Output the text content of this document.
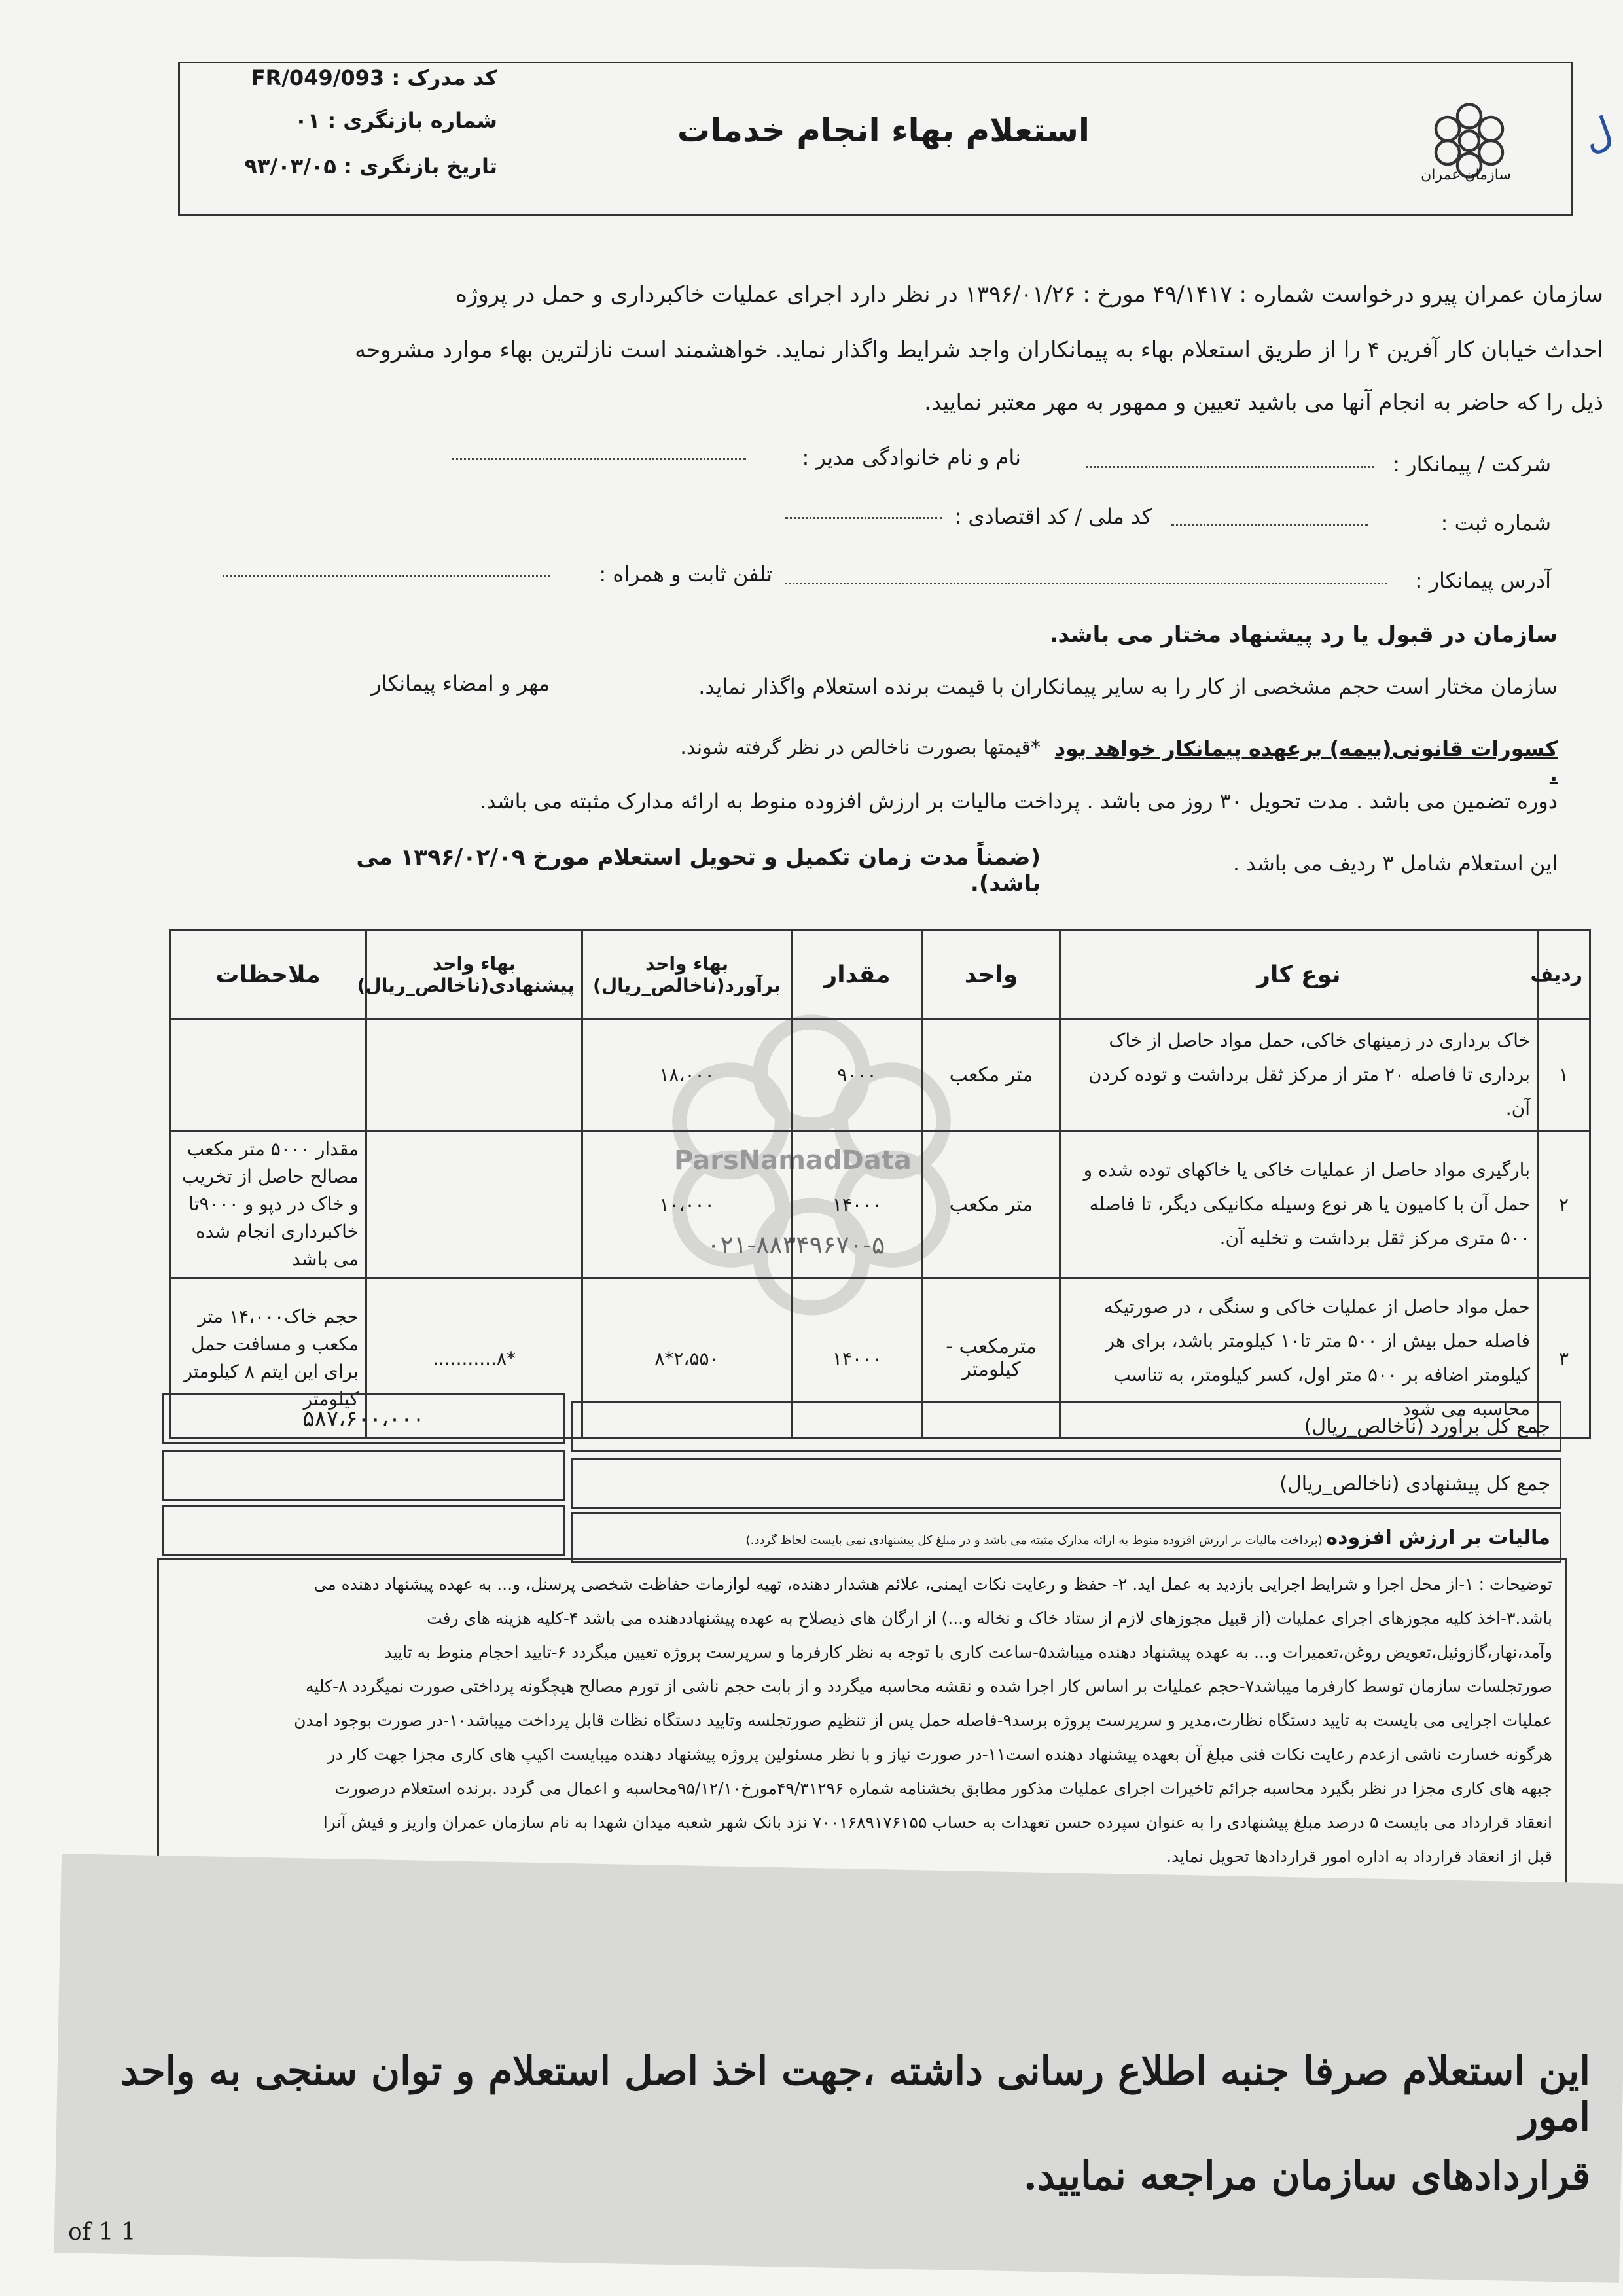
استعلام بهاء انجام خدمات
کد مدرک : FR/049/093
شماره بازنگری : ۰۱
تاریخ بازنگری : ۹۳/۰۳/۰۵	سازمان عمران
ل
سازمان عمران پیرو درخواست شماره : ۴۹/۱۴۱۷ مورخ : ۱۳۹۶/۰۱/۲۶ در نظر دارد اجرای عملیات خاکبرداری و حمل در پروژه
احداث خیابان کار آفرین ۴ را از طریق استعلام بهاء به پیمانکاران واجد شرایط واگذار نماید. خواهشمند است نازلترین بهاء موارد مشروحه
ذیل را که حاضر به انجام آنها می باشید تعیین و ممهور به مهر معتبر نمایید.
شرکت / پیمانکار :
نام و نام خانوادگی مدیر :
شماره ثبت :
کد ملی / کد اقتصادی :
آدرس پیمانکار :
تلفن ثابت و همراه :
سازمان در قبول یا رد پیشنهاد مختار می باشد.
سازمان مختار است حجم مشخصی از کار را به سایر پیمانکاران با قیمت برنده استعلام واگذار نماید.
مهر و امضاء پیمانکار
کسورات قانونی(بیمه) برعهده پیمانکار خواهد بود .
*قیمتها بصورت ناخالص در نظر گرفته شوند.
دوره تضمین می باشد . مدت تحویل ۳۰ روز می باشد . پرداخت مالیات بر ارزش افزوده منوط به ارائه مدارک مثبته می باشد.
این استعلام شامل ۳ ردیف می باشد .
(ضمناً مدت زمان تکمیل و تحویل استعلام مورخ ۱۳۹۶/۰۲/۰۹ می باشد).
ParsNamadData
۰۲۱-۸۸۳۴۹۶۷۰-۵
ملاحظات	بهاء واحد پیشنهادی(ناخالص_ریال)	بهاء واحد برآورد(ناخالص_ریال)	مقدار	واحد	نوع کار	ردیف
		۱۸،۰۰۰	۹۰۰۰	متر مکعب	خاک برداری در زمینهای خاکی، حمل مواد حاصل از خاک برداری تا فاصله ۲۰ متر از مرکز ثقل برداشت و توده کردن آن.	۱
مقدار ۵۰۰۰ متر مکعب مصالح حاصل از تخریب و خاک در دپو و ۹۰۰۰تا خاکبرداری انجام شده می باشد		۱۰،۰۰۰	۱۴۰۰۰	متر مکعب	بارگیری مواد حاصل از عملیات خاکی یا خاکهای توده شده و حمل آن با کامیون یا هر نوع وسیله مکانیکی دیگر، تا فاصله ۵۰۰ متری مرکز ثقل برداشت و تخلیه آن.	۲
حجم خاک۱۴،۰۰۰ متر مکعب و مسافت حمل برای این ایتم ۸ کیلومتر کیلومتر	*۸...........	۲،۵۵۰*۸	۱۴۰۰۰	مترمکعب - کیلومتر	حمل مواد حاصل از عملیات خاکی و سنگی ، در صورتیکه فاصله حمل بیش از ۵۰۰ متر تا۱۰ کیلومتر باشد، برای هر کیلومتر اضافه بر ۵۰۰ متر اول، کسر کیلومتر، به تناسب محاسبه می شود	۳
۵۸۷،۶۰۰،۰۰۰	جمع کل برآورد (ناخالص_ریال)
جمع کل پیشنهادی (ناخالص_ریال)
مالیات بر ارزش افزوده (پرداخت مالیات بر ارزش افزوده منوط به ارائه مدارک مثبته می باشد و در مبلغ کل پیشنهادی نمی بایست لحاظ گردد.)
توضیحات : ۱-از محل اجرا و شرایط اجرایی بازدید به عمل اید. ۲- حفظ و رعایت نکات ایمنی، علائم هشدار دهنده، تهیه لوازمات حفاظت شخصی پرسنل، و... به عهده پیشنهاد دهنده می
باشد.۳-اخذ کلیه مجوزهای اجرای عملیات (از قبیل مجوزهای لازم از ستاد خاک و نخاله و...) از ارگان های ذیصلاح به عهده پیشنهاددهنده می باشد ۴-کلیه هزینه های رفت
وآمد،نهار،گازوئیل،تعویض روغن،تعمیرات و... به عهده پیشنهاد دهنده میباشد۵-ساعت کاری با توجه به نظر کارفرما و سرپرست پروژه تعیین میگردد ۶-تایید احجام منوط به تایید
صورتجلسات سازمان توسط کارفرما میباشد۷-حجم عملیات بر اساس کار اجرا شده و نقشه محاسبه میگردد و از بابت حجم ناشی از تورم مصالح هیچگونه پرداختی صورت نمیگردد ۸-کلیه
عملیات اجرایی می بایست به تایید دستگاه نظارت،مدیر و سرپرست پروژه برسد۹-فاصله حمل پس از تنظیم صورتجلسه وتایید دستگاه نظات قابل پرداخت میباشد۱۰-در صورت بوجود امدن
هرگونه خسارت ناشی ازعدم رعایت نکات فنی مبلغ آن بعهده پیشنهاد دهنده است۱۱-در صورت نیاز و با نظر مسئولین پروژه پیشنهاد دهنده میبایست اکیپ های کاری مجزا جهت کار در
جبهه های کاری مجزا در نظر بگیرد محاسبه جرائم تاخیرات اجرای عملیات مذکور مطابق بخشنامه شماره ۴۹/۳۱۲۹۶مورخ۹۵/۱۲/۱۰محاسبه و اعمال می گردد .برنده استعلام درصورت
انعقاد قرارداد می بایست ۵ درصد مبلغ پیشنهادی را به عنوان سپرده حسن تعهدات به حساب ۷۰۰۱۶۸۹۱۷۶۱۵۵ نزد بانک شهر شعبه میدان شهدا به نام سازمان عمران واریز و فیش آنرا
قبل از انعقاد قرارداد به اداره امور قراردادها تحویل نماید.
این استعلام صرفا جنبه اطلاع رسانی داشته ،جهت اخذ اصل استعلام و توان سنجی به واحد امور
قراردادهای سازمان مراجعه نمایید.
of 1 1
